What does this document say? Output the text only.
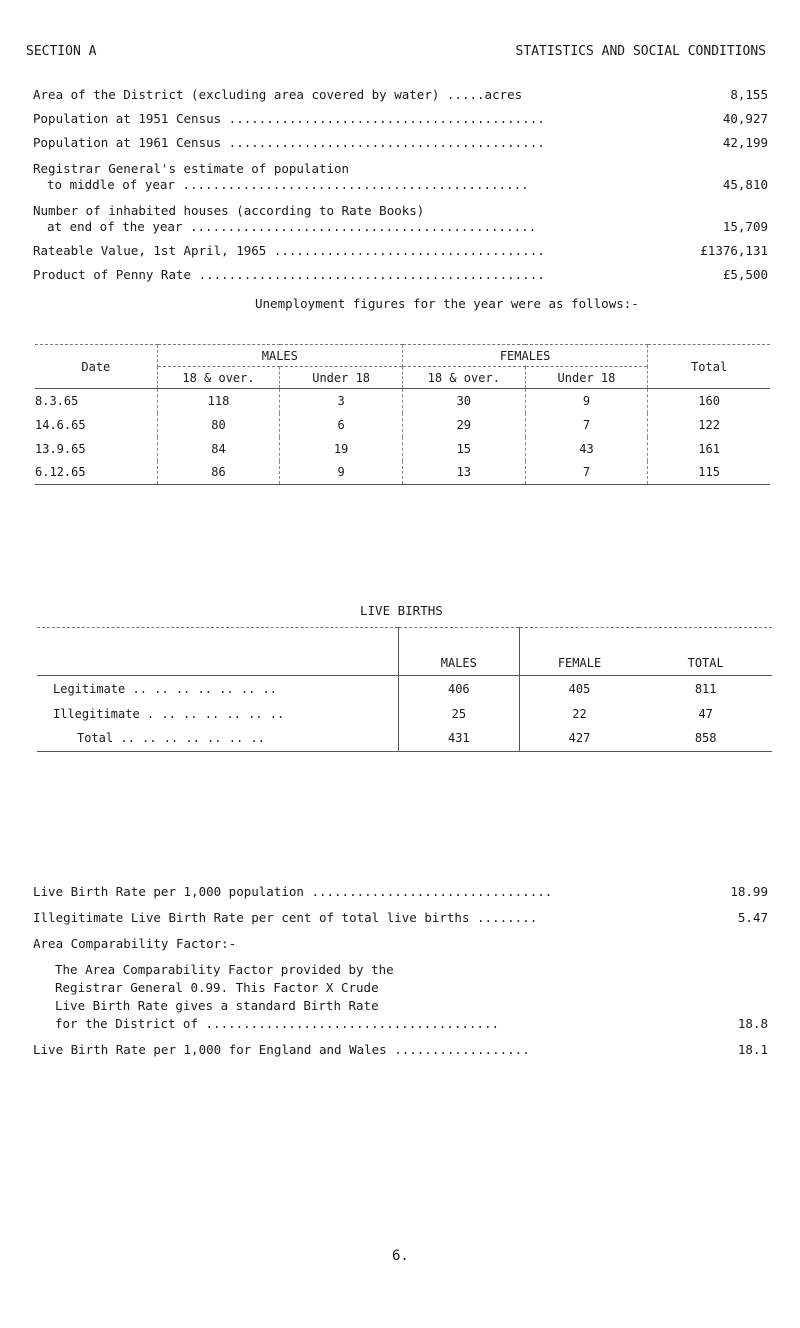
SECTION A	STATISTICS AND SOCIAL CONDITIONS
Area of the District (excluding area covered by water) .....acres	8,155
Population at 1951 Census ..........................................	40,927
Population at 1961 Census ..........................................	42,199
Registrar General's estimate of population
to middle of year ..............................................	45,810
Number of inhabited houses (according to Rate Books)
at end of the year ..............................................	15,709
Rateable Value, 1st April, 1965 ....................................	£1376,131
Product of Penny Rate ..............................................	£5,500
Unemployment figures for the year were as follows:-
Date	MALES		FEMALES		Total
	18 & over.	Under 18	18 & over.	Under 18	
8.3.65	118	3	30	9	160
14.6.65	80	6	29	7	122
13.9.65	84	19	15	43	161
6.12.65	86	9	13	7	115
LIVE BIRTHS

	MALES	FEMALE	TOTAL
Legitimate .. .. .. .. .. .. ..	406	405	811
Illegitimate . .. .. .. .. .. ..	25	22	47
Total .. .. .. .. .. .. ..	431	427	858
Live Birth Rate per 1,000 population ................................	18.99
Illegitimate Live Birth Rate per cent of total live births ........	5.47
Area Comparability Factor:-
The Area Comparability Factor provided by the
Registrar General 0.99. This Factor X Crude
Live Birth Rate gives a standard Birth Rate
for the District of .......................................	18.8
Live Birth Rate per 1,000 for England and Wales ..................	18.1
6.
